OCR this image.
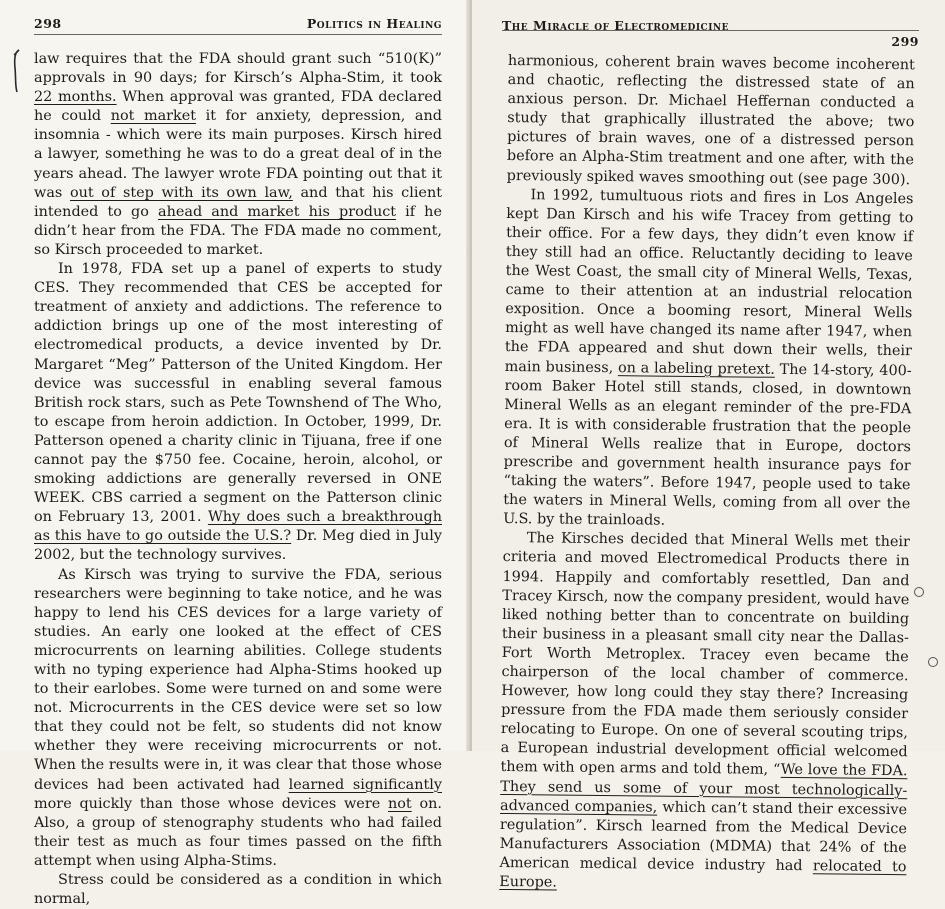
298	Politics in Healing

law requires that the FDA should grant such “510(K)” approvals in 90 days; for Kirsch’s Alpha-Stim, it took 22 months. When approval was granted, FDA declared he could not market it for anxiety, depression, and insomnia - which were its main purposes. Kirsch hired a lawyer, something he was to do a great deal of in the years ahead. The lawyer wrote FDA pointing out that it was out of step with its own law, and that his client intended to go ahead and market his product if he didn’t hear from the FDA. The FDA made no comment, so Kirsch proceeded to market.

In 1978, FDA set up a panel of experts to study CES. They recommended that CES be accepted for treatment of anxiety and addictions. The reference to addiction brings up one of the most interesting of electromedical products, a device invented by Dr. Margaret “Meg” Patterson of the United Kingdom. Her device was successful in enabling several famous British rock stars, such as Pete Townshend of The Who, to escape from heroin addiction. In October, 1999, Dr. Patterson opened a charity clinic in Tijuana, free if one cannot pay the $750 fee. Cocaine, heroin, alcohol, or smoking addictions are generally reversed in ONE WEEK. CBS carried a segment on the Patterson clinic on February 13, 2001. Why does such a breakthrough as this have to go outside the U.S.? Dr. Meg died in July 2002, but the technology survives.

As Kirsch was trying to survive the FDA, serious researchers were beginning to take notice, and he was happy to lend his CES devices for a large variety of studies. An early one looked at the effect of CES microcurrents on learning abilities. College students with no typing experience had Alpha-Stims hooked up to their earlobes. Some were turned on and some were not. Microcurrents in the CES device were set so low that they could not be felt, so students did not know whether they were receiving microcurrents or not. When the results were in, it was clear that those whose devices had been activated had learned significantly more quickly than those whose devices were not on. Also, a group of stenography students who had failed their test as much as four times passed on the fifth attempt when using Alpha-Stims.

Stress could be considered as a condition in which normal,

The Miracle of Electromedicine
299

harmonious, coherent brain waves become incoherent and chaotic, reflecting the distressed state of an anxious person. Dr. Michael Heffernan conducted a study that graphically illustrated the above; two pictures of brain waves, one of a distressed person before an Alpha-Stim treatment and one after, with the previously spiked waves smoothing out (see page 300).

In 1992, tumultuous riots and fires in Los Angeles kept Dan Kirsch and his wife Tracey from getting to their office. For a few days, they didn’t even know if they still had an office. Reluctantly deciding to leave the West Coast, the small city of Mineral Wells, Texas, came to their attention at an industrial relocation exposition. Once a booming resort, Mineral Wells might as well have changed its name after 1947, when the FDA appeared and shut down their wells, their main business, on a labeling pretext. The 14-story, 400-room Baker Hotel still stands, closed, in downtown Mineral Wells as an elegant reminder of the pre-FDA era. It is with considerable frustration that the people of Mineral Wells realize that in Europe, doctors prescribe and government health insurance pays for “taking the waters”. Before 1947, people used to take the waters in Mineral Wells, coming from all over the U.S. by the trainloads.

The Kirsches decided that Mineral Wells met their criteria and moved Electromedical Products there in 1994. Happily and comfortably resettled, Dan and Tracey Kirsch, now the company president, would have liked nothing better than to concentrate on building their business in a pleasant small city near the Dallas-Fort Worth Metroplex. Tracey even became the chairperson of the local chamber of commerce. However, how long could they stay there? Increasing pressure from the FDA made them seriously consider relocating to Europe. On one of several scouting trips, a European industrial development official welcomed them with open arms and told them, “We love the FDA. They send us some of your most technologically-advanced companies, which can’t stand their excessive regulation”. Kirsch learned from the Medical Device Manufacturers Association (MDMA) that 24% of the American medical device industry had relocated to Europe.
